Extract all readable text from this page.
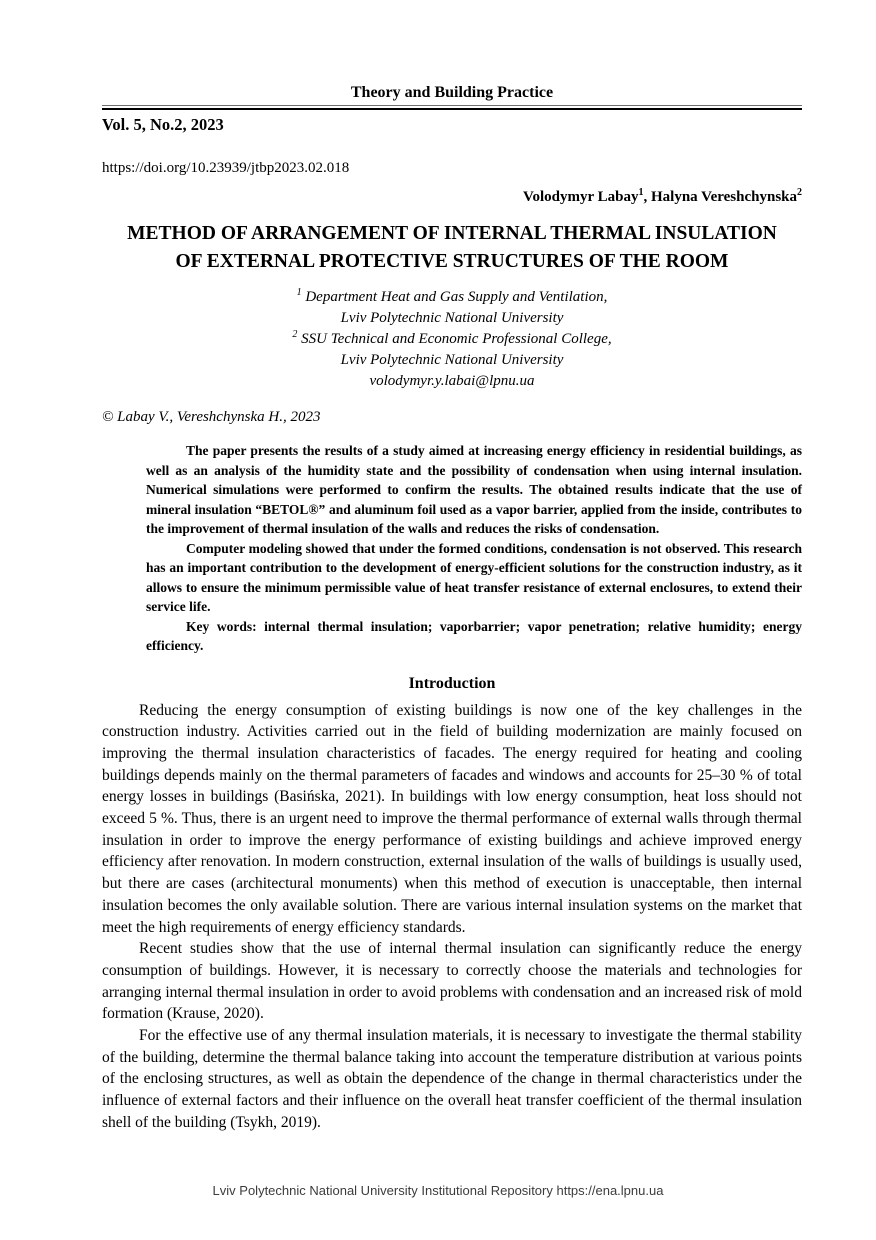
Theory and Building Practice
Vol. 5, No.2, 2023
https://doi.org/10.23939/jtbp2023.02.018
Volodymyr Labay$^1$, Halyna Vereshchynska$^2$
METHOD OF ARRANGEMENT OF INTERNAL THERMAL INSULATION
OF EXTERNAL PROTECTIVE STRUCTURES OF THE ROOM
$^1$ Department Heat and Gas Supply and Ventilation,
Lviv Polytechnic National University
$^2$ SSU Technical and Economic Professional College,
Lviv Polytechnic National University
volodymyr.y.labai@lpnu.ua
© Labay V., Vereshchynska H., 2023

The paper presents the results of a study aimed at increasing energy efficiency in residential buildings, as well as an analysis of the humidity state and the possibility of condensation when using internal insulation. Numerical simulations were performed to confirm the results. The obtained results indicate that the use of mineral insulation “BETOL®” and aluminum foil used as a vapor barrier, applied from the inside, contributes to the improvement of thermal insulation of the walls and reduces the risks of condensation.

Computer modeling showed that under the formed conditions, condensation is not observed. This research has an important contribution to the development of energy-efficient solutions for the construction industry, as it allows to ensure the minimum permissible value of heat transfer resistance of external enclosures, to extend their service life.

Key words: internal thermal insulation; vaporbarrier; vapor penetration; relative humidity; energy efficiency.

Introduction

Reducing the energy consumption of existing buildings is now one of the key challenges in the construction industry. Activities carried out in the field of building modernization are mainly focused on improving the thermal insulation characteristics of facades. The energy required for heating and cooling buildings depends mainly on the thermal parameters of facades and windows and accounts for 25–30 % of total energy losses in buildings (Basińska, 2021). In buildings with low energy consumption, heat loss should not exceed 5 %. Thus, there is an urgent need to improve the thermal performance of external walls through thermal insulation in order to improve the energy performance of existing buildings and achieve improved energy efficiency after renovation. In modern construction, external insulation of the walls of buildings is usually used, but there are cases (architectural monuments) when this method of execution is unacceptable, then internal insulation becomes the only available solution. There are various internal insulation systems on the market that meet the high requirements of energy efficiency standards.

Recent studies show that the use of internal thermal insulation can significantly reduce the energy consumption of buildings. However, it is necessary to correctly choose the materials and technologies for arranging internal thermal insulation in order to avoid problems with condensation and an increased risk of mold formation (Krause, 2020).

For the effective use of any thermal insulation materials, it is necessary to investigate the thermal stability of the building, determine the thermal balance taking into account the temperature distribution at various points of the enclosing structures, as well as obtain the dependence of the change in thermal characteristics under the influence of external factors and their influence on the overall heat transfer coefficient of the thermal insulation shell of the building (Tsykh, 2019).

Lviv Polytechnic National University Institutional Repository https://ena.lpnu.ua
